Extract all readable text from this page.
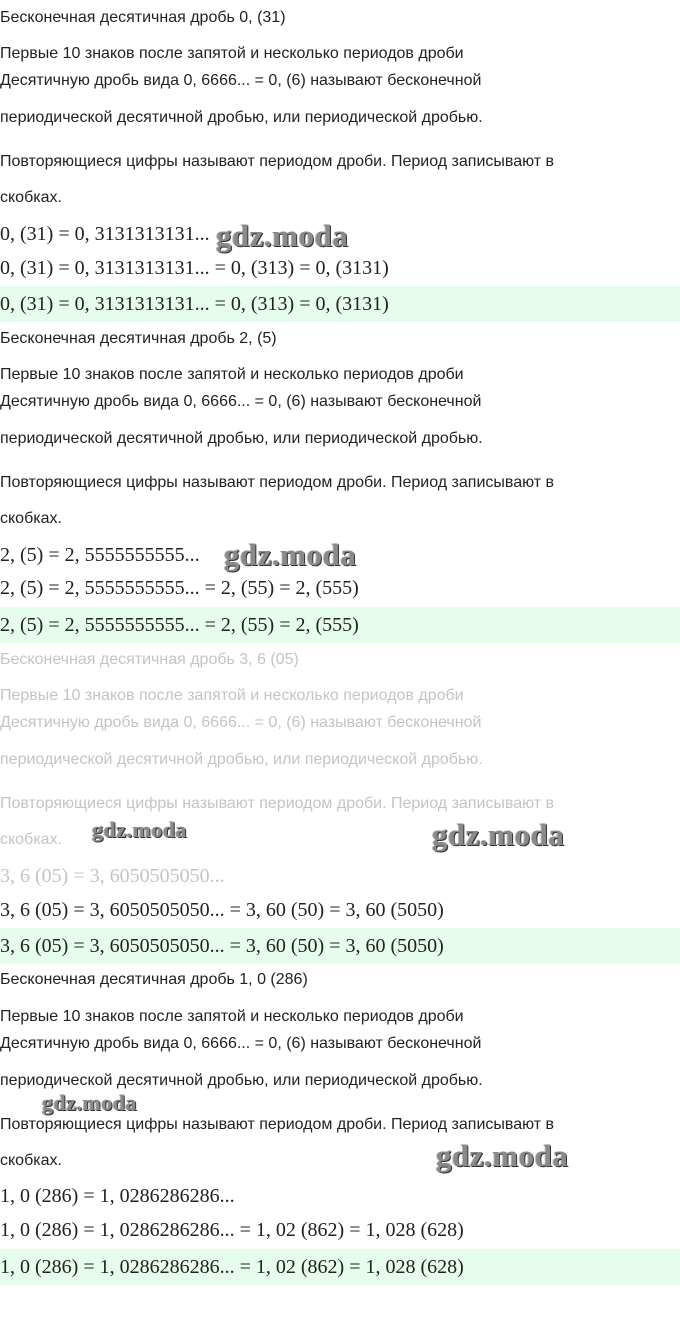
Бесконечная десятичная дробь 0, (31)
Первые 10 знаков после запятой и несколько периодов дроби
Десятичную дробь вида 0, 6666... = 0, (6) называют бесконечной
периодической десятичной дробью, или периодической дробью.
Повторяющиеся цифры называют периодом дроби. Период записывают в
скобках.
0, (31) = 0, 3131313131...
0, (31) = 0, 3131313131... = 0, (313) = 0, (3131)
0, (31) = 0, 3131313131... = 0, (313) = 0, (3131)
Бесконечная десятичная дробь 2, (5)
Первые 10 знаков после запятой и несколько периодов дроби
Десятичную дробь вида 0, 6666... = 0, (6) называют бесконечной
периодической десятичной дробью, или периодической дробью.
Повторяющиеся цифры называют периодом дроби. Период записывают в
скобках.
2, (5) = 2, 5555555555...
2, (5) = 2, 5555555555... = 2, (55) = 2, (555)
2, (5) = 2, 5555555555... = 2, (55) = 2, (555)
Бесконечная десятичная дробь 3, 6 (05)
Первые 10 знаков после запятой и несколько периодов дроби
Десятичную дробь вида 0, 6666... = 0, (6) называют бесконечной
периодической десятичной дробью, или периодической дробью.
Повторяющиеся цифры называют периодом дроби. Период записывают в
скобках.
3, 6 (05) = 3, 6050505050...
3, 6 (05) = 3, 6050505050... = 3, 60 (50) = 3, 60 (5050)
3, 6 (05) = 3, 6050505050... = 3, 60 (50) = 3, 60 (5050)
Бесконечная десятичная дробь 1, 0 (286)
Первые 10 знаков после запятой и несколько периодов дроби
Десятичную дробь вида 0, 6666... = 0, (6) называют бесконечной
периодической десятичной дробью, или периодической дробью.
Повторяющиеся цифры называют периодом дроби. Период записывают в
скобках.
1, 0 (286) = 1, 0286286286...
1, 0 (286) = 1, 0286286286... = 1, 02 (862) = 1, 028 (628)
1, 0 (286) = 1, 0286286286... = 1, 02 (862) = 1, 028 (628)
gdz.moda
gdz.moda
gdz.moda	gdz.moda
gdz.moda
gdz.moda
